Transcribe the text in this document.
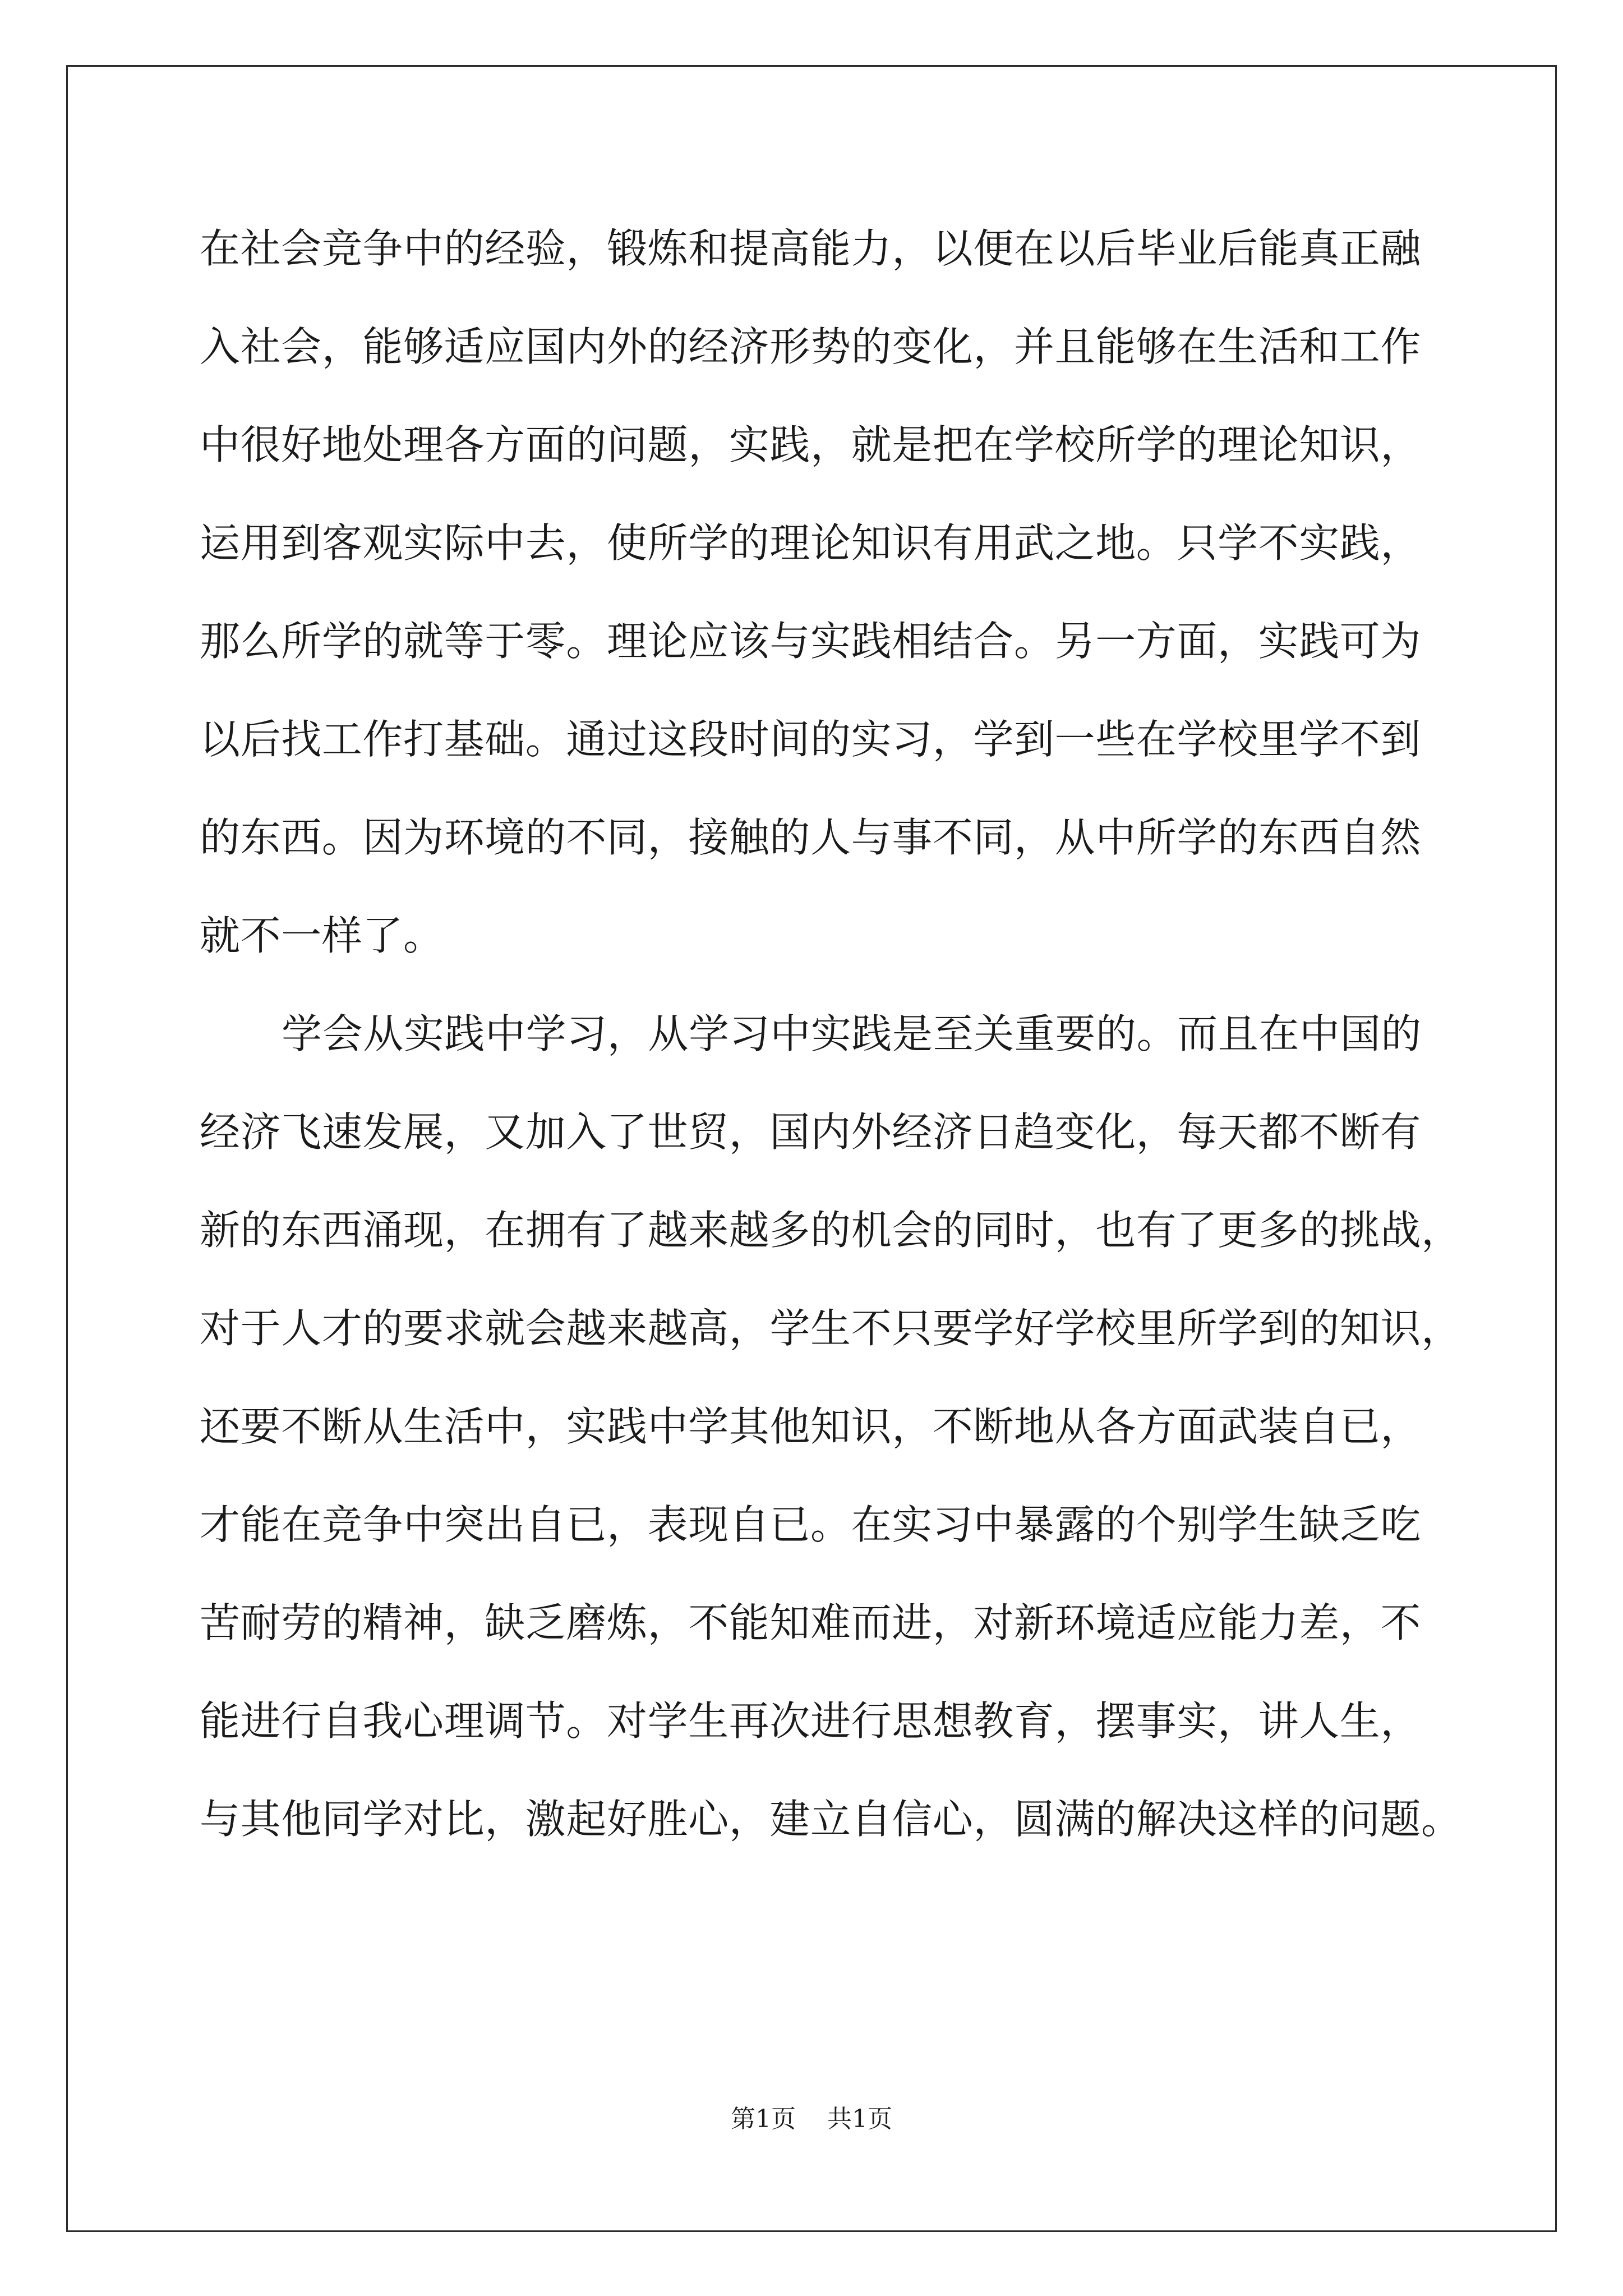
在社会竞争中的经验，锻炼和提高能力，以便在以后毕业后能真正融
入社会，能够适应国内外的经济形势的变化，并且能够在生活和工作
中很好地处理各方面的问题，实践，就是把在学校所学的理论知识，
运用到客观实际中去，使所学的理论知识有用武之地。只学不实践，
那么所学的就等于零。理论应该与实践相结合。另一方面，实践可为
以后找工作打基础。通过这段时间的实习，学到一些在学校里学不到
的东西。因为环境的不同，接触的人与事不同，从中所学的东西自然
就不一样了。
学会从实践中学习，从学习中实践是至关重要的。而且在中国的
经济飞速发展，又加入了世贸，国内外经济日趋变化，每天都不断有
新的东西涌现，在拥有了越来越多的机会的同时，也有了更多的挑战，
对于人才的要求就会越来越高，学生不只要学好学校里所学到的知识，
还要不断从生活中，实践中学其他知识，不断地从各方面武装自已，
才能在竞争中突出自已，表现自已。在实习中暴露的个别学生缺乏吃
苦耐劳的精神，缺乏磨炼，不能知难而进，对新环境适应能力差，不
能进行自我心理调节。对学生再次进行思想教育，摆事实，讲人生，
与其他同学对比，激起好胜心，建立自信心，圆满的解决这样的问题。
第1页 共1页
